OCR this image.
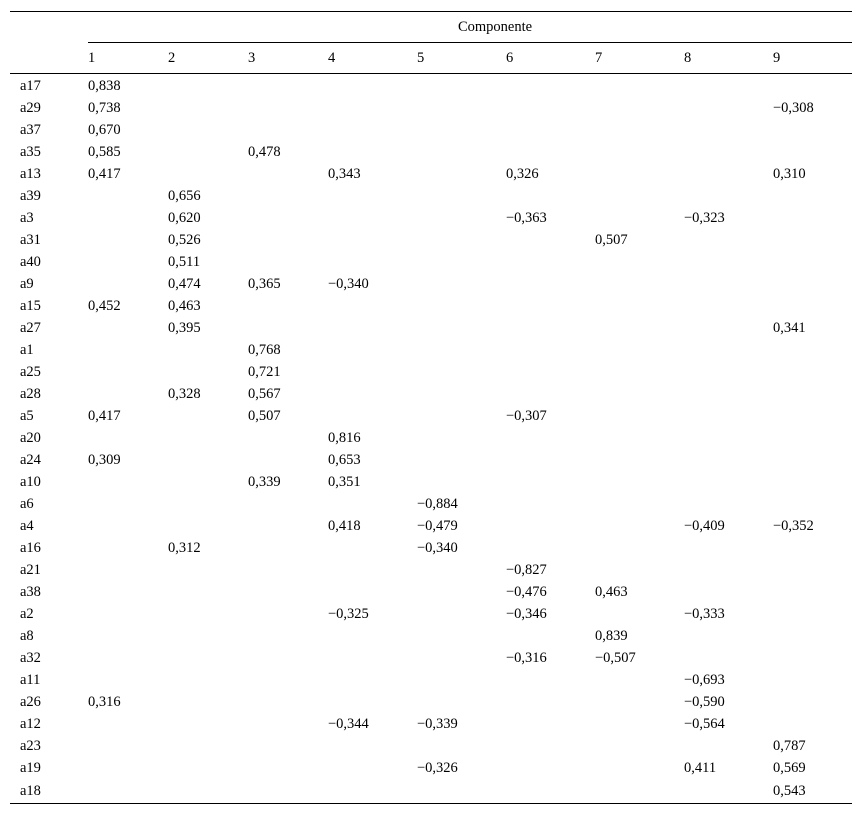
	Componente								
	1	2	3	4	5	6	7	8	9
a17	0,838								
a29	0,738								−0,308
a37	0,670								
a35	0,585		0,478						
a13	0,417			0,343		0,326			0,310
a39		0,656							
a3		0,620				−0,363		−0,323	
a31		0,526					0,507		
a40		0,511							
a9		0,474	0,365	−0,340					
a15	0,452	0,463							
a27		0,395							0,341
a1			0,768						
a25			0,721						
a28		0,328	0,567						
a5	0,417		0,507			−0,307			
a20				0,816					
a24	0,309			0,653					
a10			0,339	0,351					
a6					−0,884				
a4				0,418	−0,479			−0,409	−0,352
a16		0,312			−0,340				
a21						−0,827			
a38						−0,476	0,463		
a2				−0,325		−0,346		−0,333	
a8							0,839		
a32						−0,316	−0,507		
a11								−0,693	
a26	0,316							−0,590	
a12				−0,344	−0,339			−0,564	
a23									0,787
a19					−0,326			0,411	0,569
a18									0,543
